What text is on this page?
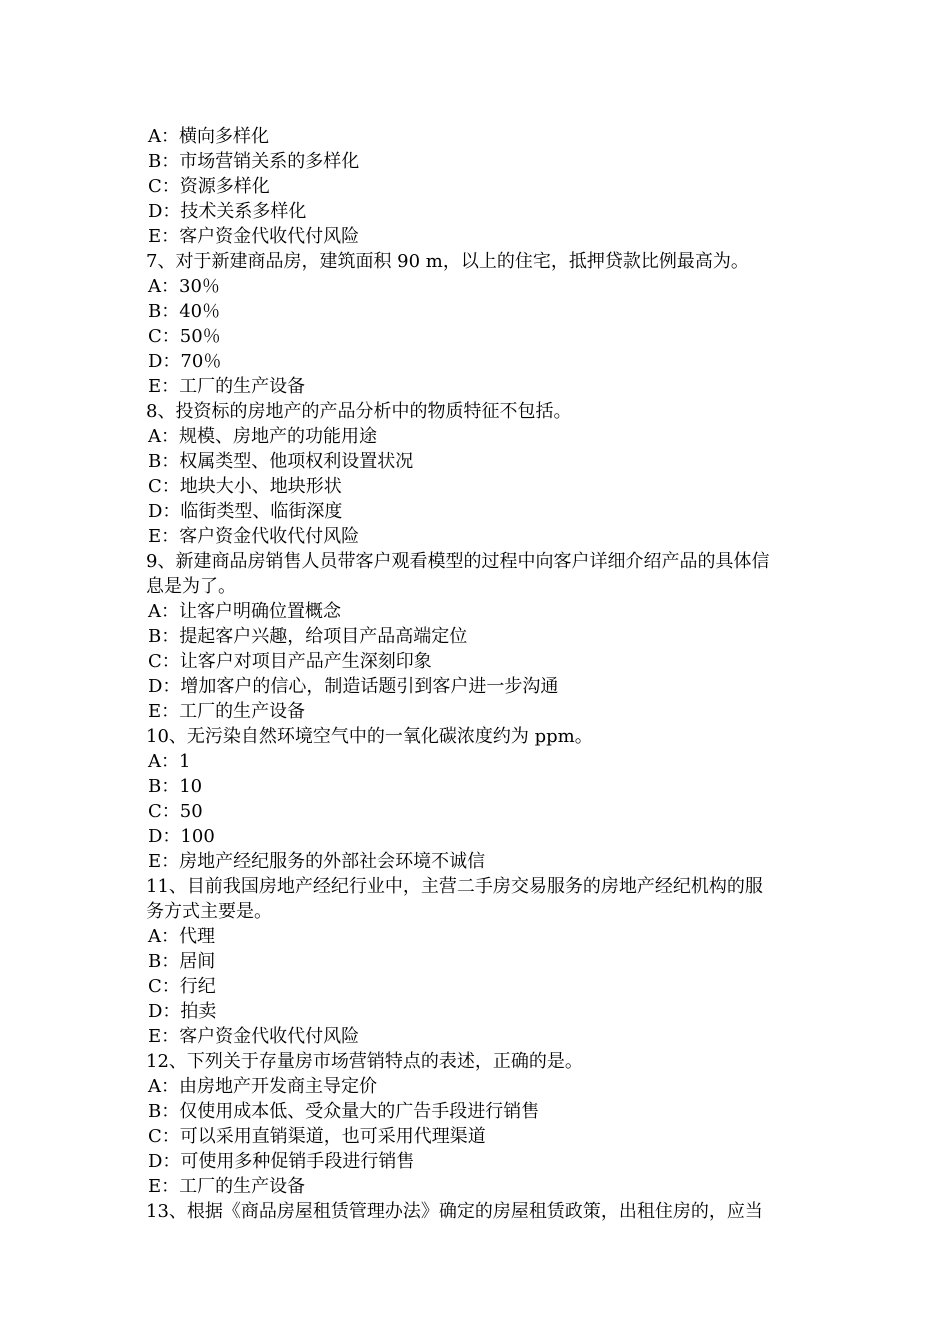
A：横向多样化
B：市场营销关系的多样化
C：资源多样化
D：技术关系多样化
E：客户资金代收代付风险
7、对于新建商品房，建筑面积 90 m，以上的住宅，抵押贷款比例最高为。
A：30％
B：40％
C：50％
D：70％
E：工厂的生产设备
8、投资标的房地产的产品分析中的物质特征不包括。
A：规模、房地产的功能用途
B：权属类型、他项权利设置状况
C：地块大小、地块形状
D：临街类型、临街深度
E：客户资金代收代付风险
9、新建商品房销售人员带客户观看模型的过程中向客户详细介绍产品的具体信
息是为了。
A：让客户明确位置概念
B：提起客户兴趣，给项目产品高端定位
C：让客户对项目产品产生深刻印象
D：增加客户的信心，制造话题引到客户进一步沟通
E：工厂的生产设备
10、无污染自然环境空气中的一氧化碳浓度约为 ppm。
A：1
B：10
C：50
D：100
E：房地产经纪服务的外部社会环境不诚信
11、目前我国房地产经纪行业中，主营二手房交易服务的房地产经纪机构的服
务方式主要是。
A：代理
B：居间
C：行纪
D：拍卖
E：客户资金代收代付风险
12、下列关于存量房市场营销特点的表述，正确的是。
A：由房地产开发商主导定价
B：仅使用成本低、受众量大的广告手段进行销售
C：可以采用直销渠道，也可采用代理渠道
D：可使用多种促销手段进行销售
E：工厂的生产设备
13、根据《商品房屋租赁管理办法》确定的房屋租赁政策，出租住房的，应当
